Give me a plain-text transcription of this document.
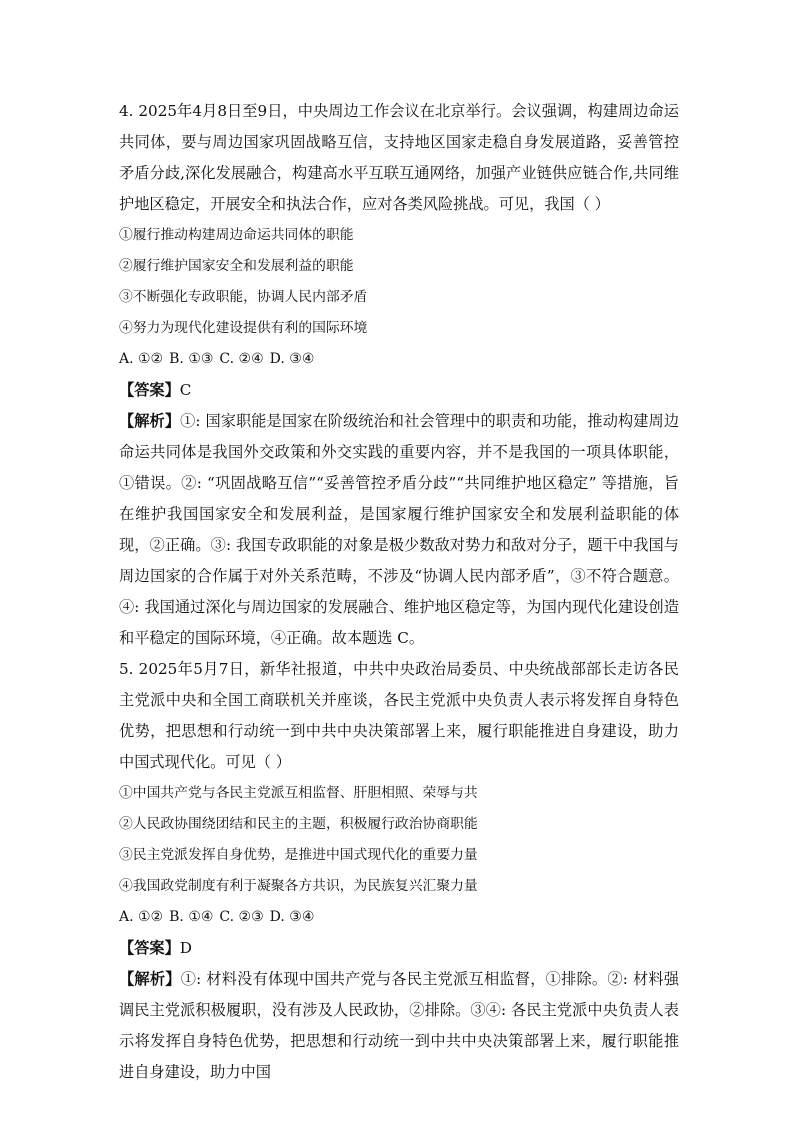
4. 2025年4月8日至9日，中央周边工作会议在北京举行。会议强调，构建周边命运共同体，要与周边国家巩固战略互信，支持地区国家走稳自身发展道路，妥善管控矛盾分歧,深化发展融合，构建高水平互联互通网络，加强产业链供应链合作,共同维护地区稳定，开展安全和执法合作，应对各类风险挑战。可见，我国（ ）
①履行推动构建周边命运共同体的职能
②履行维护国家安全和发展利益的职能
③不断强化专政职能，协调人民内部矛盾
④努力为现代化建设提供有利的国际环境
A. ①② B. ①③ C. ②④ D. ③④
【答案】C
【解析】①: 国家职能是国家在阶级统治和社会管理中的职责和功能，推动构建周边命运共同体是我国外交政策和外交实践的重要内容，并不是我国的一项具体职能，①错误。②: “巩固战略互信”“妥善管控矛盾分歧”“共同维护地区稳定” 等措施，旨在维护我国国家安全和发展利益，是国家履行维护国家安全和发展利益职能的体现，②正确。③: 我国专政职能的对象是极少数敌对势力和敌对分子，题干中我国与周边国家的合作属于对外关系范畴，不涉及“协调人民内部矛盾”，③不符合题意。④: 我国通过深化与周边国家的发展融合、维护地区稳定等，为国内现代化建设创造和平稳定的国际环境，④正确。故本题选 C。
5. 2025年5月7日，新华社报道，中共中央政治局委员、中央统战部部长走访各民主党派中央和全国工商联机关并座谈，各民主党派中央负责人表示将发挥自身特色优势，把思想和行动统一到中共中央决策部署上来，履行职能推进自身建设，助力中国式现代化。可见（ ）
①中国共产党与各民主党派互相监督、肝胆相照、荣辱与共
②人民政协围绕团结和民主的主题，积极履行政治协商职能
③民主党派发挥自身优势，是推进中国式现代化的重要力量
④我国政党制度有利于凝聚各方共识，为民族复兴汇聚力量
A. ①② B. ①④ C. ②③ D. ③④
【答案】D
【解析】①: 材料没有体现中国共产党与各民主党派互相监督，①排除。②: 材料强调民主党派积极履职，没有涉及人民政协，②排除。③④: 各民主党派中央负责人表示将发挥自身特色优势，把思想和行动统一到中共中央决策部署上来，履行职能推进自身建设，助力中国
